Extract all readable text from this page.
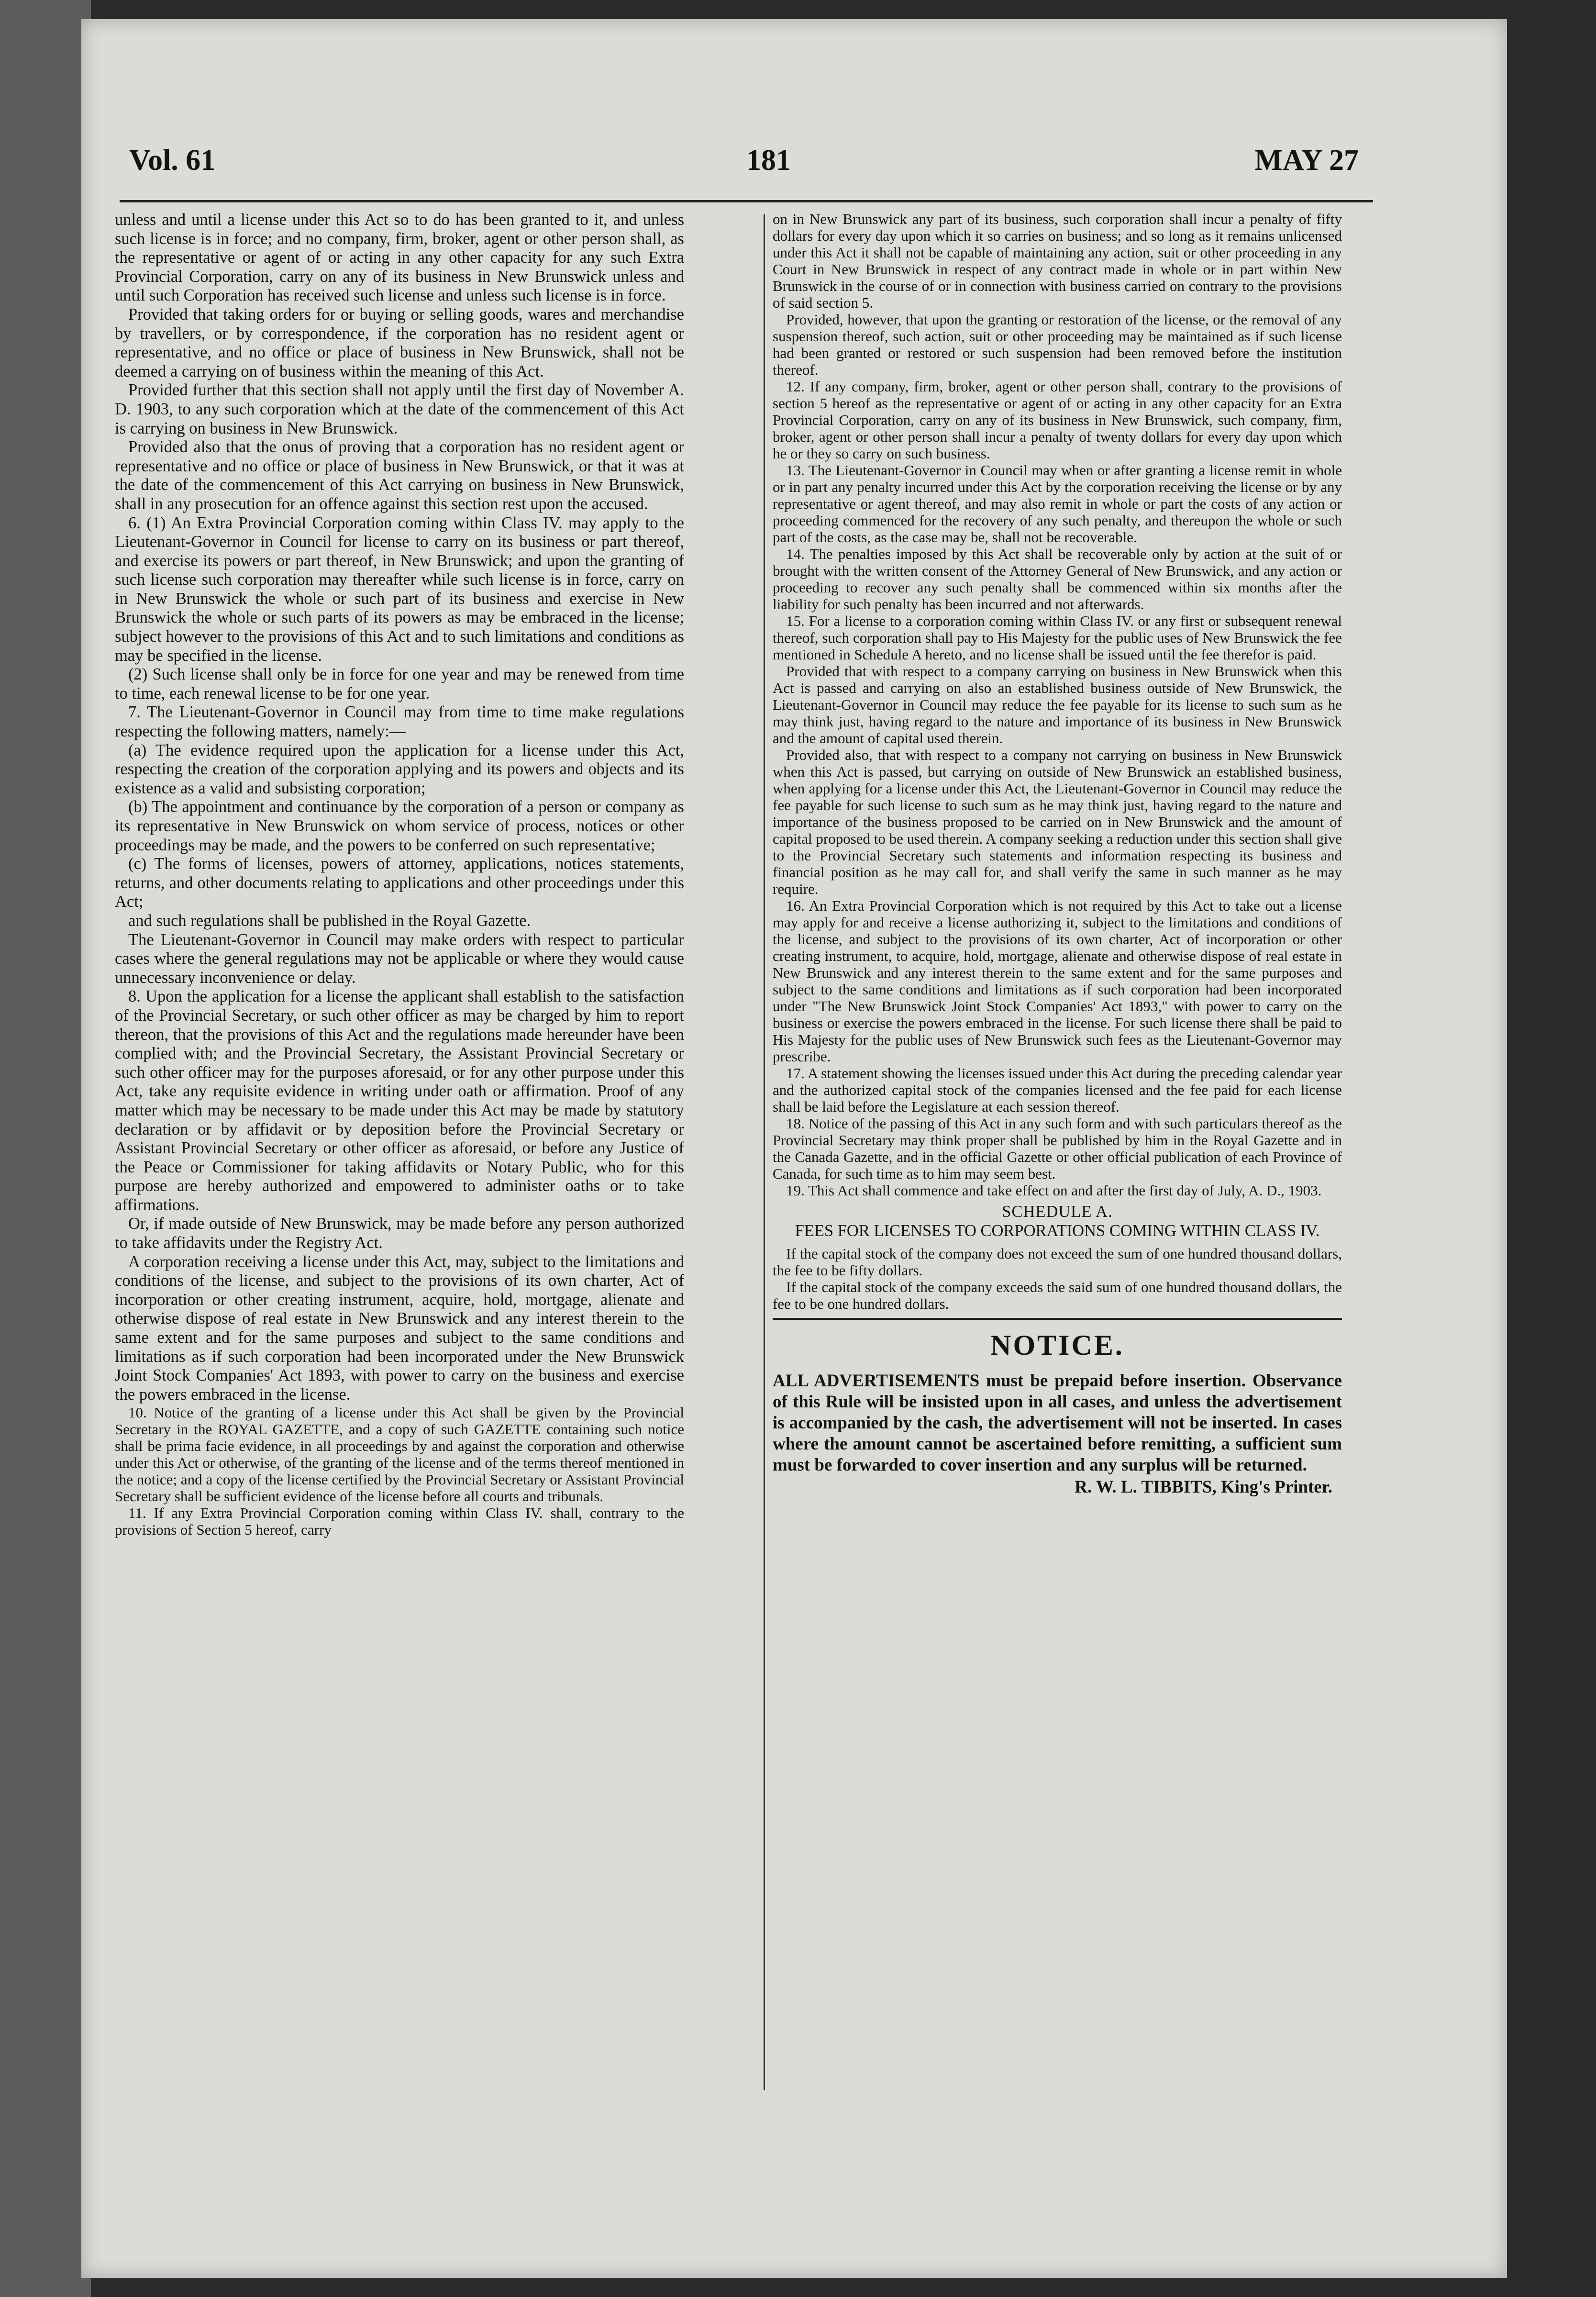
Vol. 61	181	MAY 27

unless and until a license under this Act so to do has been granted to it, and unless such license is in force; and no company, firm, broker, agent or other person shall, as the representative or agent of or acting in any other capacity for any such Extra Provincial Corporation, carry on any of its business in New Brunswick unless and until such Corporation has received such license and unless such license is in force.

Provided that taking orders for or buying or selling goods, wares and merchandise by travellers, or by correspondence, if the corporation has no resident agent or representative, and no office or place of business in New Brunswick, shall not be deemed a carrying on of business within the meaning of this Act.

Provided further that this section shall not apply until the first day of November A. D. 1903, to any such corporation which at the date of the commencement of this Act is carrying on business in New Brunswick.

Provided also that the onus of proving that a corporation has no resident agent or representative and no office or place of business in New Brunswick, or that it was at the date of the commencement of this Act carrying on business in New Brunswick, shall in any prosecution for an offence against this section rest upon the accused.

6. (1) An Extra Provincial Corporation coming within Class IV. may apply to the Lieutenant-Governor in Council for license to carry on its business or part thereof, and exercise its powers or part thereof, in New Brunswick; and upon the granting of such license such corporation may thereafter while such license is in force, carry on in New Brunswick the whole or such part of its business and exercise in New Brunswick the whole or such parts of its powers as may be embraced in the license; subject however to the provisions of this Act and to such limitations and conditions as may be specified in the license.

(2) Such license shall only be in force for one year and may be renewed from time to time, each renewal license to be for one year.

7. The Lieutenant-Governor in Council may from time to time make regulations respecting the following matters, namely:—

(a) The evidence required upon the application for a license under this Act, respecting the creation of the corporation applying and its powers and objects and its existence as a valid and subsisting corporation;

(b) The appointment and continuance by the corporation of a person or company as its representative in New Brunswick on whom service of process, notices or other proceedings may be made, and the powers to be conferred on such representative;

(c) The forms of licenses, powers of attorney, applications, notices statements, returns, and other documents relating to applications and other proceedings under this Act;

and such regulations shall be published in the Royal Gazette.

The Lieutenant-Governor in Council may make orders with respect to particular cases where the general regulations may not be applicable or where they would cause unnecessary inconvenience or delay.

8. Upon the application for a license the applicant shall establish to the satisfaction of the Provincial Secretary, or such other officer as may be charged by him to report thereon, that the provisions of this Act and the regulations made hereunder have been complied with; and the Provincial Secretary, the Assistant Provincial Secretary or such other officer may for the purposes aforesaid, or for any other purpose under this Act, take any requisite evidence in writing under oath or affirmation. Proof of any matter which may be necessary to be made under this Act may be made by statutory declaration or by affidavit or by deposition before the Provincial Secretary or Assistant Provincial Secretary or other officer as aforesaid, or before any Justice of the Peace or Commissioner for taking affidavits or Notary Public, who for this purpose are hereby authorized and empowered to administer oaths or to take affirmations.

Or, if made outside of New Brunswick, may be made before any person authorized to take affidavits under the Registry Act.

A corporation receiving a license under this Act, may, subject to the limitations and conditions of the license, and subject to the provisions of its own charter, Act of incorporation or other creating instrument, acquire, hold, mortgage, alienate and otherwise dispose of real estate in New Brunswick and any interest therein to the same extent and for the same purposes and subject to the same conditions and limitations as if such corporation had been incorporated under the New Brunswick Joint Stock Companies' Act 1893, with power to carry on the business and exercise the powers embraced in the license.

10. Notice of the granting of a license under this Act shall be given by the Provincial Secretary in the ROYAL GAZETTE, and a copy of such GAZETTE containing such notice shall be prima facie evidence, in all proceedings by and against the corporation and otherwise under this Act or otherwise, of the granting of the license and of the terms thereof mentioned in the notice; and a copy of the license certified by the Provincial Secretary or Assistant Provincial Secretary shall be sufficient evidence of the license before all courts and tribunals.

11. If any Extra Provincial Corporation coming within Class IV. shall, contrary to the provisions of Section 5 hereof, carry

on in New Brunswick any part of its business, such corporation shall incur a penalty of fifty dollars for every day upon which it so carries on business; and so long as it remains unlicensed under this Act it shall not be capable of maintaining any action, suit or other proceeding in any Court in New Brunswick in respect of any contract made in whole or in part within New Brunswick in the course of or in connection with business carried on contrary to the provisions of said section 5.

Provided, however, that upon the granting or restoration of the license, or the removal of any suspension thereof, such action, suit or other proceeding may be maintained as if such license had been granted or restored or such suspension had been removed before the institution thereof.

12. If any company, firm, broker, agent or other person shall, contrary to the provisions of section 5 hereof as the representative or agent of or acting in any other capacity for an Extra Provincial Corporation, carry on any of its business in New Brunswick, such company, firm, broker, agent or other person shall incur a penalty of twenty dollars for every day upon which he or they so carry on such business.

13. The Lieutenant-Governor in Council may when or after granting a license remit in whole or in part any penalty incurred under this Act by the corporation receiving the license or by any representative or agent thereof, and may also remit in whole or part the costs of any action or proceeding commenced for the recovery of any such penalty, and thereupon the whole or such part of the costs, as the case may be, shall not be recoverable.

14. The penalties imposed by this Act shall be recoverable only by action at the suit of or brought with the written consent of the Attorney General of New Brunswick, and any action or proceeding to recover any such penalty shall be commenced within six months after the liability for such penalty has been incurred and not afterwards.

15. For a license to a corporation coming within Class IV. or any first or subsequent renewal thereof, such corporation shall pay to His Majesty for the public uses of New Brunswick the fee mentioned in Schedule A hereto, and no license shall be issued until the fee therefor is paid.

Provided that with respect to a company carrying on business in New Brunswick when this Act is passed and carrying on also an established business outside of New Brunswick, the Lieutenant-Governor in Council may reduce the fee payable for its license to such sum as he may think just, having regard to the nature and importance of its business in New Brunswick and the amount of capital used therein.

Provided also, that with respect to a company not carrying on business in New Brunswick when this Act is passed, but carrying on outside of New Brunswick an established business, when applying for a license under this Act, the Lieutenant-Governor in Council may reduce the fee payable for such license to such sum as he may think just, having regard to the nature and importance of the business proposed to be carried on in New Brunswick and the amount of capital proposed to be used therein. A company seeking a reduction under this section shall give to the Provincial Secretary such statements and information respecting its business and financial position as he may call for, and shall verify the same in such manner as he may require.

16. An Extra Provincial Corporation which is not required by this Act to take out a license may apply for and receive a license authorizing it, subject to the limitations and conditions of the license, and subject to the provisions of its own charter, Act of incorporation or other creating instrument, to acquire, hold, mortgage, alienate and otherwise dispose of real estate in New Brunswick and any interest therein to the same extent and for the same purposes and subject to the same conditions and limitations as if such corporation had been incorporated under "The New Brunswick Joint Stock Companies' Act 1893," with power to carry on the business or exercise the powers embraced in the license. For such license there shall be paid to His Majesty for the public uses of New Brunswick such fees as the Lieutenant-Governor may prescribe.

17. A statement showing the licenses issued under this Act during the preceding calendar year and the authorized capital stock of the companies licensed and the fee paid for each license shall be laid before the Legislature at each session thereof.

18. Notice of the passing of this Act in any such form and with such particulars thereof as the Provincial Secretary may think proper shall be published by him in the Royal Gazette and in the Canada Gazette, and in the official Gazette or other official publication of each Province of Canada, for such time as to him may seem best.

19. This Act shall commence and take effect on and after the first day of July, A. D., 1903.

SCHEDULE A.

FEES FOR LICENSES TO CORPORATIONS COMING WITHIN CLASS IV.

If the capital stock of the company does not exceed the sum of one hundred thousand dollars, the fee to be fifty dollars.

If the capital stock of the company exceeds the said sum of one hundred thousand dollars, the fee to be one hundred dollars.

NOTICE.

ALL ADVERTISEMENTS must be prepaid before insertion. Observance of this Rule will be insisted upon in all cases, and unless the advertisement is accompanied by the cash, the advertisement will not be inserted. In cases where the amount cannot be ascertained before remitting, a sufficient sum must be forwarded to cover insertion and any surplus will be returned.

R. W. L. TIBBITS, King's Printer.
